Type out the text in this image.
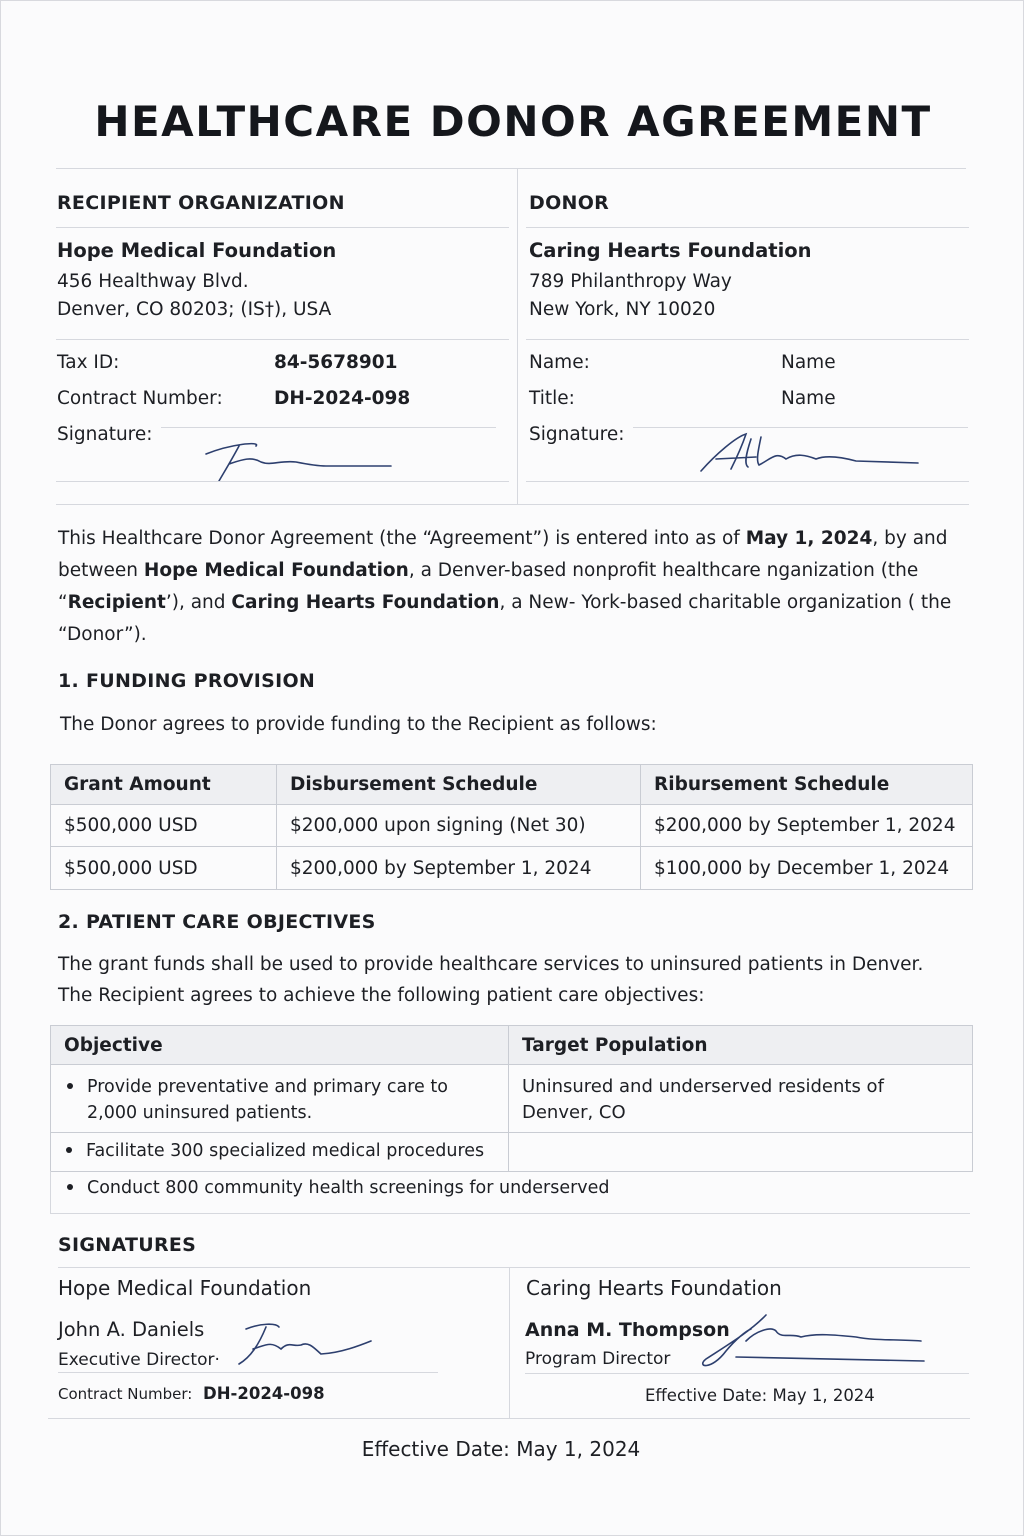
HEALTHCARE DONOR AGREEMENT
RECIPIENT ORGANIZATION
Hope Medical Foundation
456 Healthway Blvd.
Denver, CO 80203; (IS†), USA
Tax ID:	84-5678901
Contract Number:	DH-2024-098
Signature:
DONOR
Caring Hearts Foundation
789 Philanthropy Way
New York, NY 10020
Name:	Name
Title:	Name
Signature:
This Healthcare Donor Agreement (the “Agreement”) is entered into as of May 1, 2024, by and between Hope Medical Foundation, a Denver-based nonprofit healthcare nganization (the “Recipient’), and Caring Hearts Foundation, a New‑ York-based charitable organization ( the “Donor”).
1. FUNDING PROVISION
The Donor agrees to provide funding to the Recipient as follows:
Grant Amount	Disbursement Schedule	Ribursement Schedule
$500,000 USD	$200,000 upon signing (Net 30)	$200,000 by September 1, 2024
$500,000 USD	$200,000 by September 1, 2024	$100,000 by December 1, 2024
2. PATIENT CARE OBJECTIVES
The grant funds shall be used to provide healthcare services to uninsured patients in Denver.
The Recipient agrees to achieve the following patient care objectives:
Objective	Target Population
Provide preventative and primary care to 2,000 uninsured patients.	Uninsured and underserved residents of Denver, CO
Facilitate 300 specialized medical procedures	
Conduct 800 community health screenings for underserved
SIGNATURES
Hope Medical Foundation
John A. Daniels
Executive Director·
Contract Number: DH-2024-098
Caring Hearts Foundation
Anna M. Thompson
Program Director
Effective Date: May 1, 2024
Effective Date: May 1, 2024
